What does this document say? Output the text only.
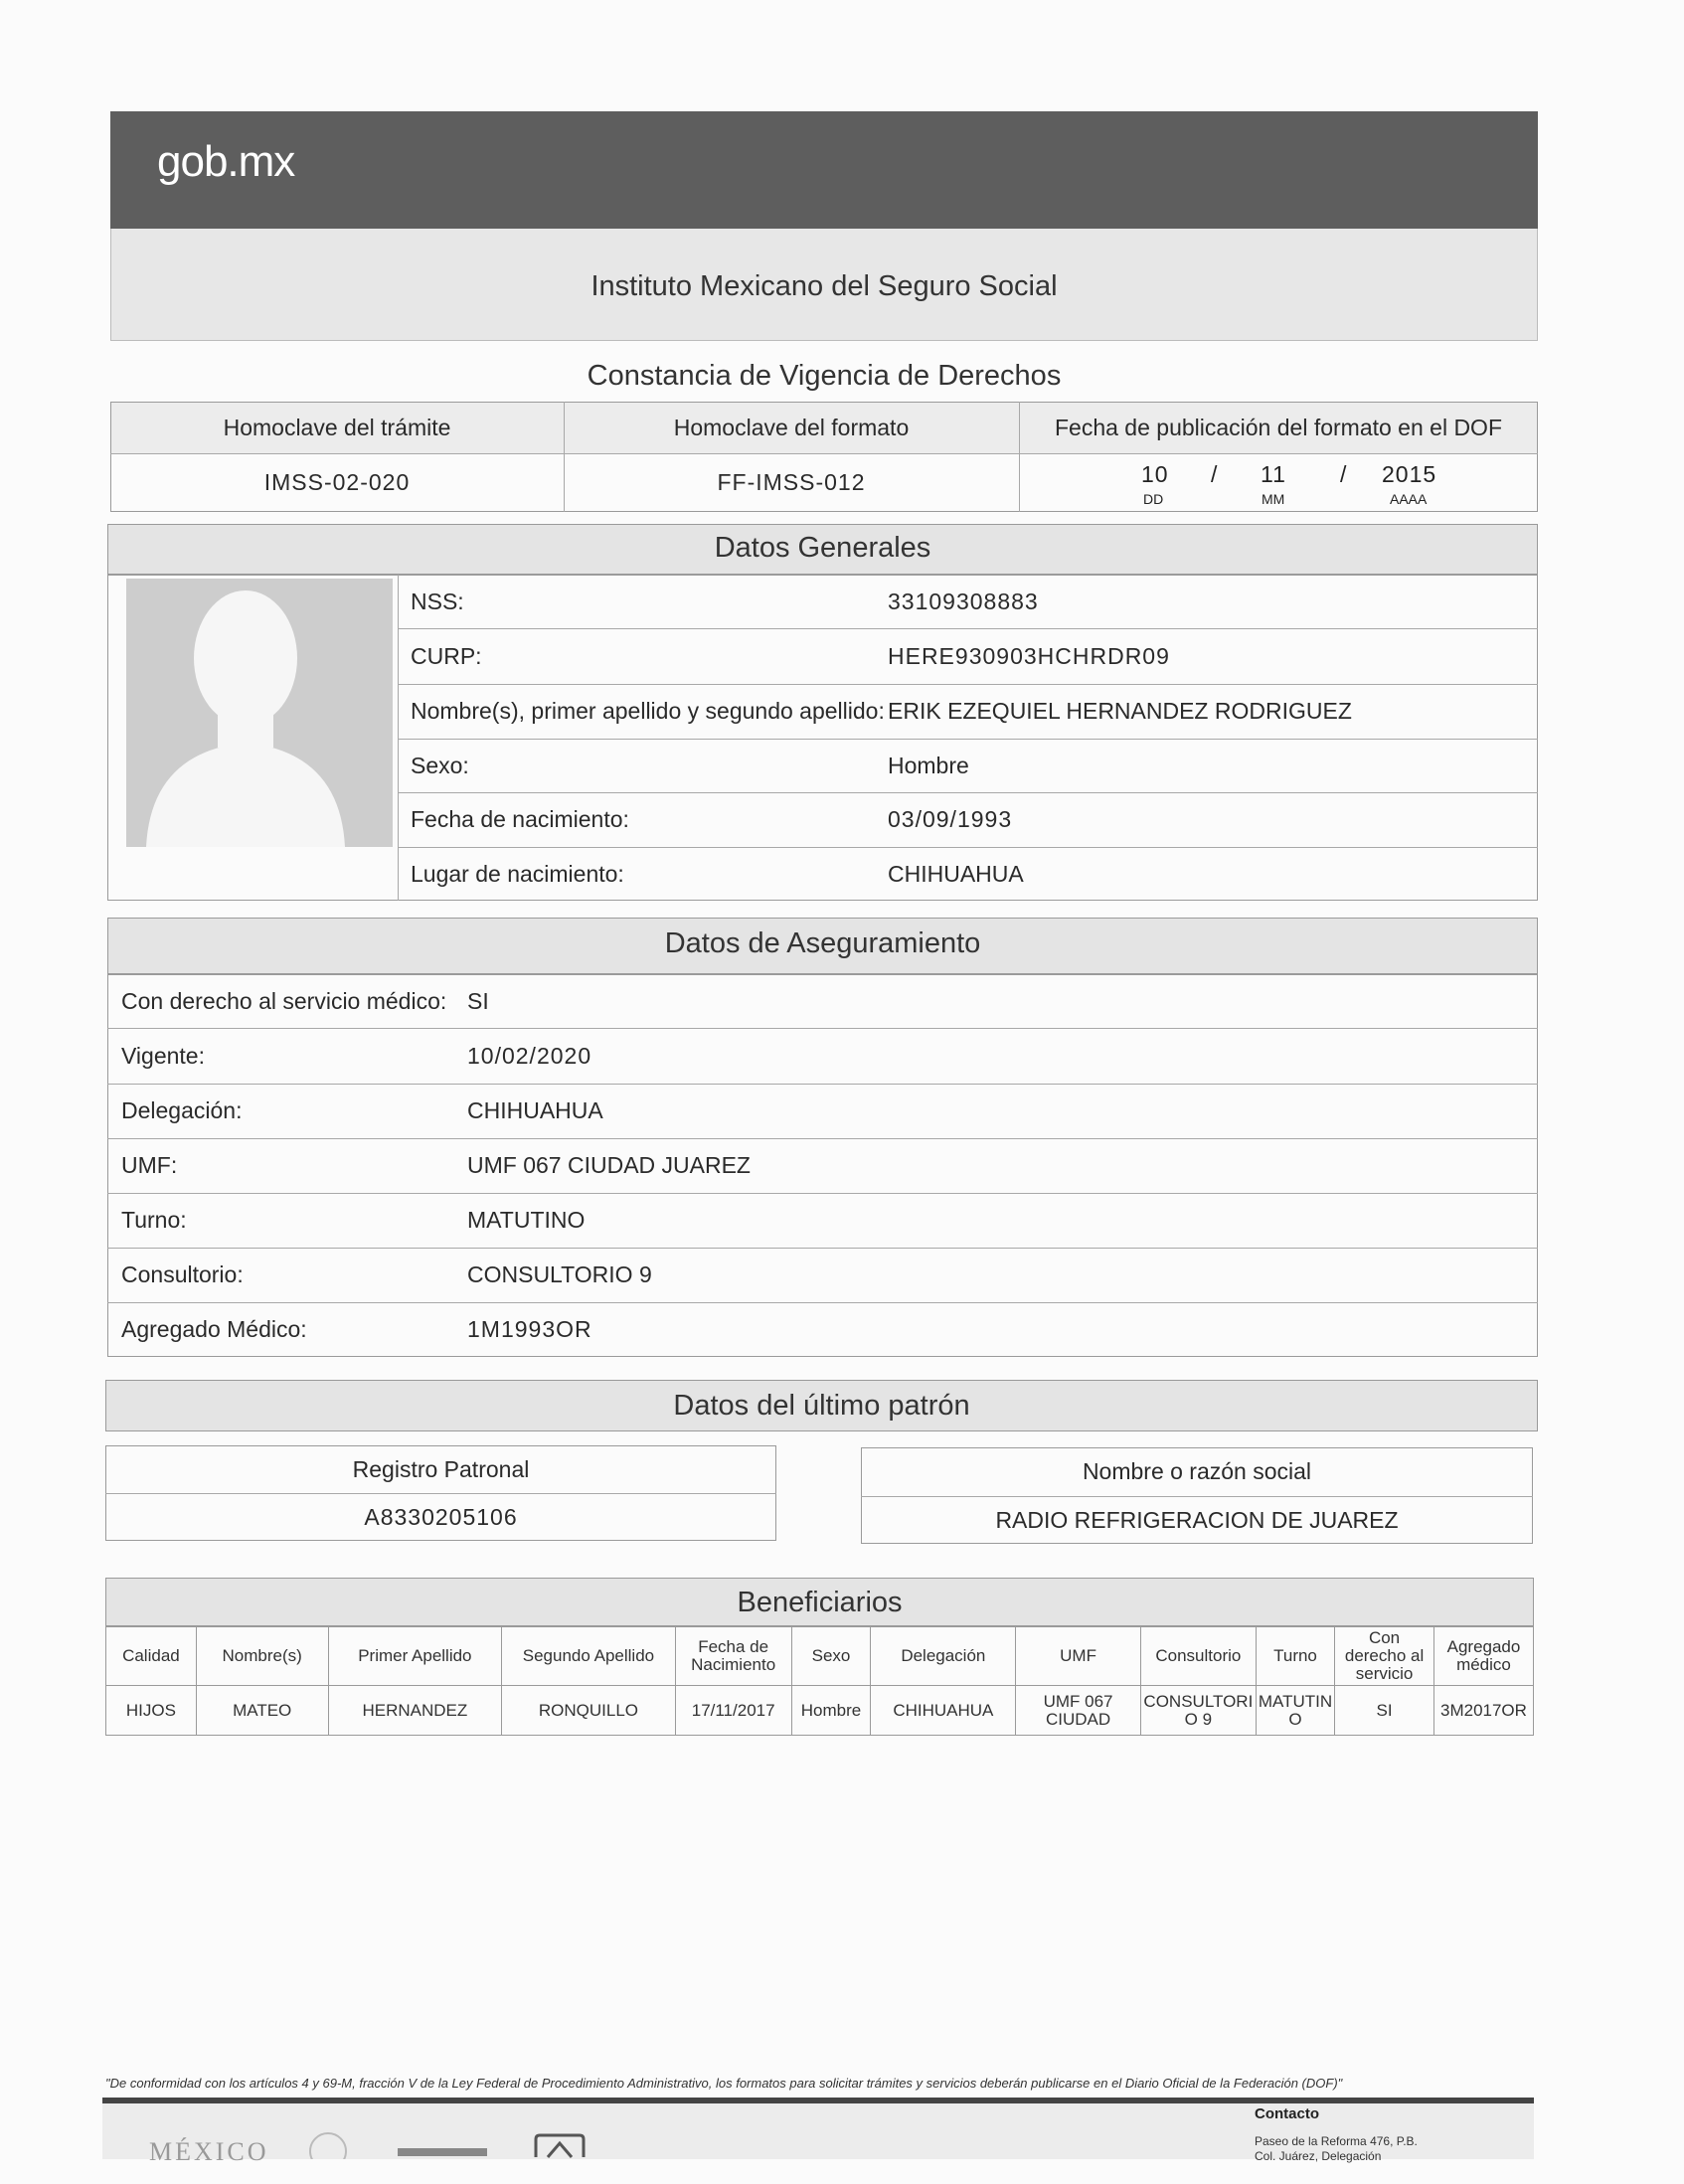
gob.mx
Instituto Mexicano del Seguro Social
Constancia de Vigencia de Derechos
Homoclave del trámite	Homoclave del formato	Fecha de publicación del formato en el DOF
IMSS-02-020	FF-IMSS-012	10 / 11 / 2015
DD	MM	AAAA
Datos Generales
NSS:	33109308883
CURP:	HERE930903HCHRDR09
Nombre(s), primer apellido y segundo apellido: ERIK EZEQUIEL HERNANDEZ RODRIGUEZ
Sexo:	Hombre
Fecha de nacimiento:	03/09/1993
Lugar de nacimiento:	CHIHUAHUA
Datos de Aseguramiento
Con derecho al servicio médico: SI
Vigente:	10/02/2020
Delegación:	CHIHUAHUA
UMF:	UMF 067 CIUDAD JUAREZ
Turno:	MATUTINO
Consultorio:	CONSULTORIO 9
Agregado Médico:	1M1993OR
Datos del último patrón
Registro Patronal
A8330205106
Nombre o razón social
RADIO REFRIGERACION DE JUAREZ
Beneficiarios
Calidad	Nombre(s)	Primer Apellido	Segundo Apellido	Fecha de Nacimiento	Sexo	Delegación	UMF	Consultorio	Turno	Con derecho al servicio	Agregado médico
HIJOS	MATEO	HERNANDEZ	RONQUILLO	17/11/2017	Hombre	CHIHUAHUA	UMF 067 CIUDAD	CONSULTORI O 9	MATUTIN O	SI	3M2017OR
"De conformidad con los artículos 4 y 69-M, fracción V de la Ley Federal de Procedimiento Administrativo, los formatos para solicitar trámites y servicios deberán publicarse en el Diario Oficial de la Federación (DOF)"
MÉXICO
Contacto
Paseo de la Reforma 476, P.B.
Col. Juárez, Delegación
